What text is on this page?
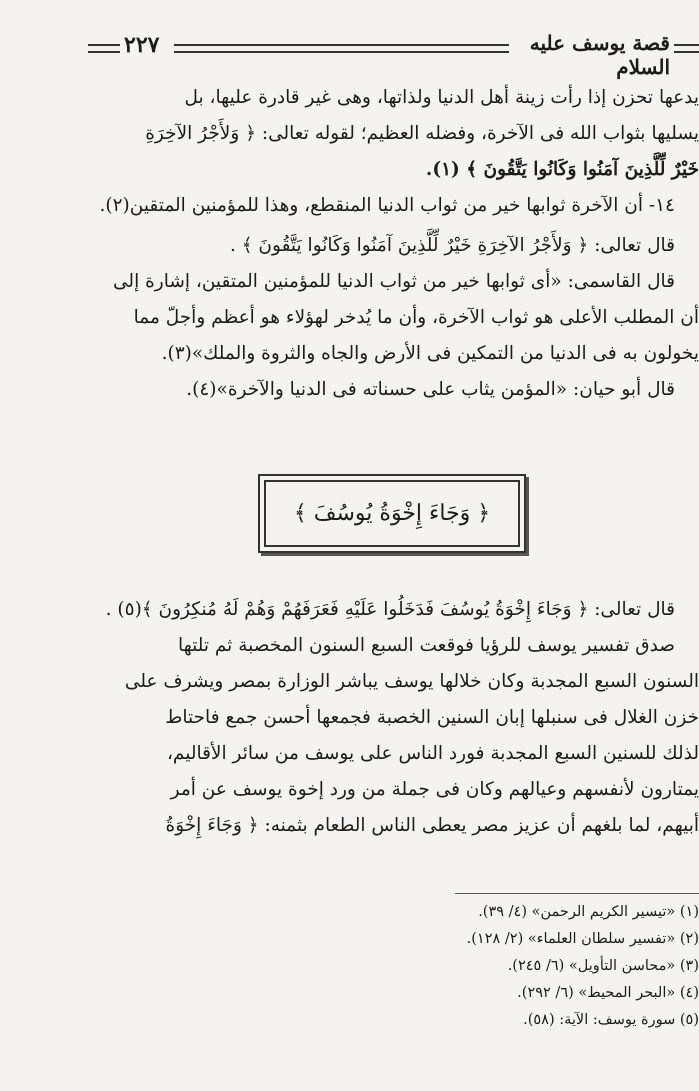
٢٢٧	قصة يوسف عليه السلام

يدعها تحزن إذا رأت زينة أهل الدنيا ولذاتها، وهى غير قادرة عليها، بل
يسليها بثواب الله فى الآخرة، وفضله العظيم؛ لقوله تعالى: ﴿ وَلأَجْرُ الآخِرَةِ
خَيْرٌ لِّلَّذِينَ آمَنُوا وَكَانُوا يَتَّقُونَ ﴾ (١).

١٤- أن الآخرة ثوابها خير من ثواب الدنيا المنقطع، وهذا للمؤمنين المتقين(٢).

قال تعالى: ﴿ وَلأَجْرُ الآخِرَةِ خَيْرٌ لِّلَّذِينَ آمَنُوا وَكَانُوا يَتَّقُونَ ﴾ .

قال القاسمى: «أى ثوابها خير من ثواب الدنيا للمؤمنين المتقين، إشارة إلى
أن المطلب الأعلى هو ثواب الآخرة، وأن ما يُدخر لهؤلاء هو أعظم وأجلّ مما
يخولون به فى الدنيا من التمكين فى الأرض والجاه والثروة والملك»(٣).

قال أبو حيان: «المؤمن يثاب على حسناته فى الدنيا والآخرة»(٤).

﴿ وَجَاءَ إِخْوَةُ يُوسُفَ ﴾

قال تعالى: ﴿ وَجَاءَ إِخْوَةُ يُوسُفَ فَدَخَلُوا عَلَيْهِ فَعَرَفَهُمْ وَهُمْ لَهُ مُنكِرُونَ ﴾(٥) .

صدق تفسير يوسف للرؤيا فوقعت السبع السنون المخصبة ثم تلتها
السنون السبع المجدبة وكان خلالها يوسف يباشر الوزارة بمصر ويشرف على
خزن الغلال فى سنبلها إبان السنين الخصبة فجمعها أحسن جمع فاحتاط
لذلك للسنين السبع المجدبة فورد الناس على يوسف من سائر الأقاليم،
يمتارون لأنفسهم وعيالهم وكان فى جملة من ورد إخوة يوسف عن أمر
أبيهم، لما بلغهم أن عزيز مصر يعطى الناس الطعام بثمنه: ﴿ وَجَاءَ إِخْوَةُ

(١) «تيسير الكريم الرحمن» (٤/ ٣٩).
(٢) «تفسير سلطان العلماء» (٢/ ١٢٨).
(٣) «محاسن التأويل» (٦/ ٢٤٥).
(٤) «البحر المحيط» (٦/ ٢٩٢).
(٥) سورة يوسف: الآية: (٥٨).
